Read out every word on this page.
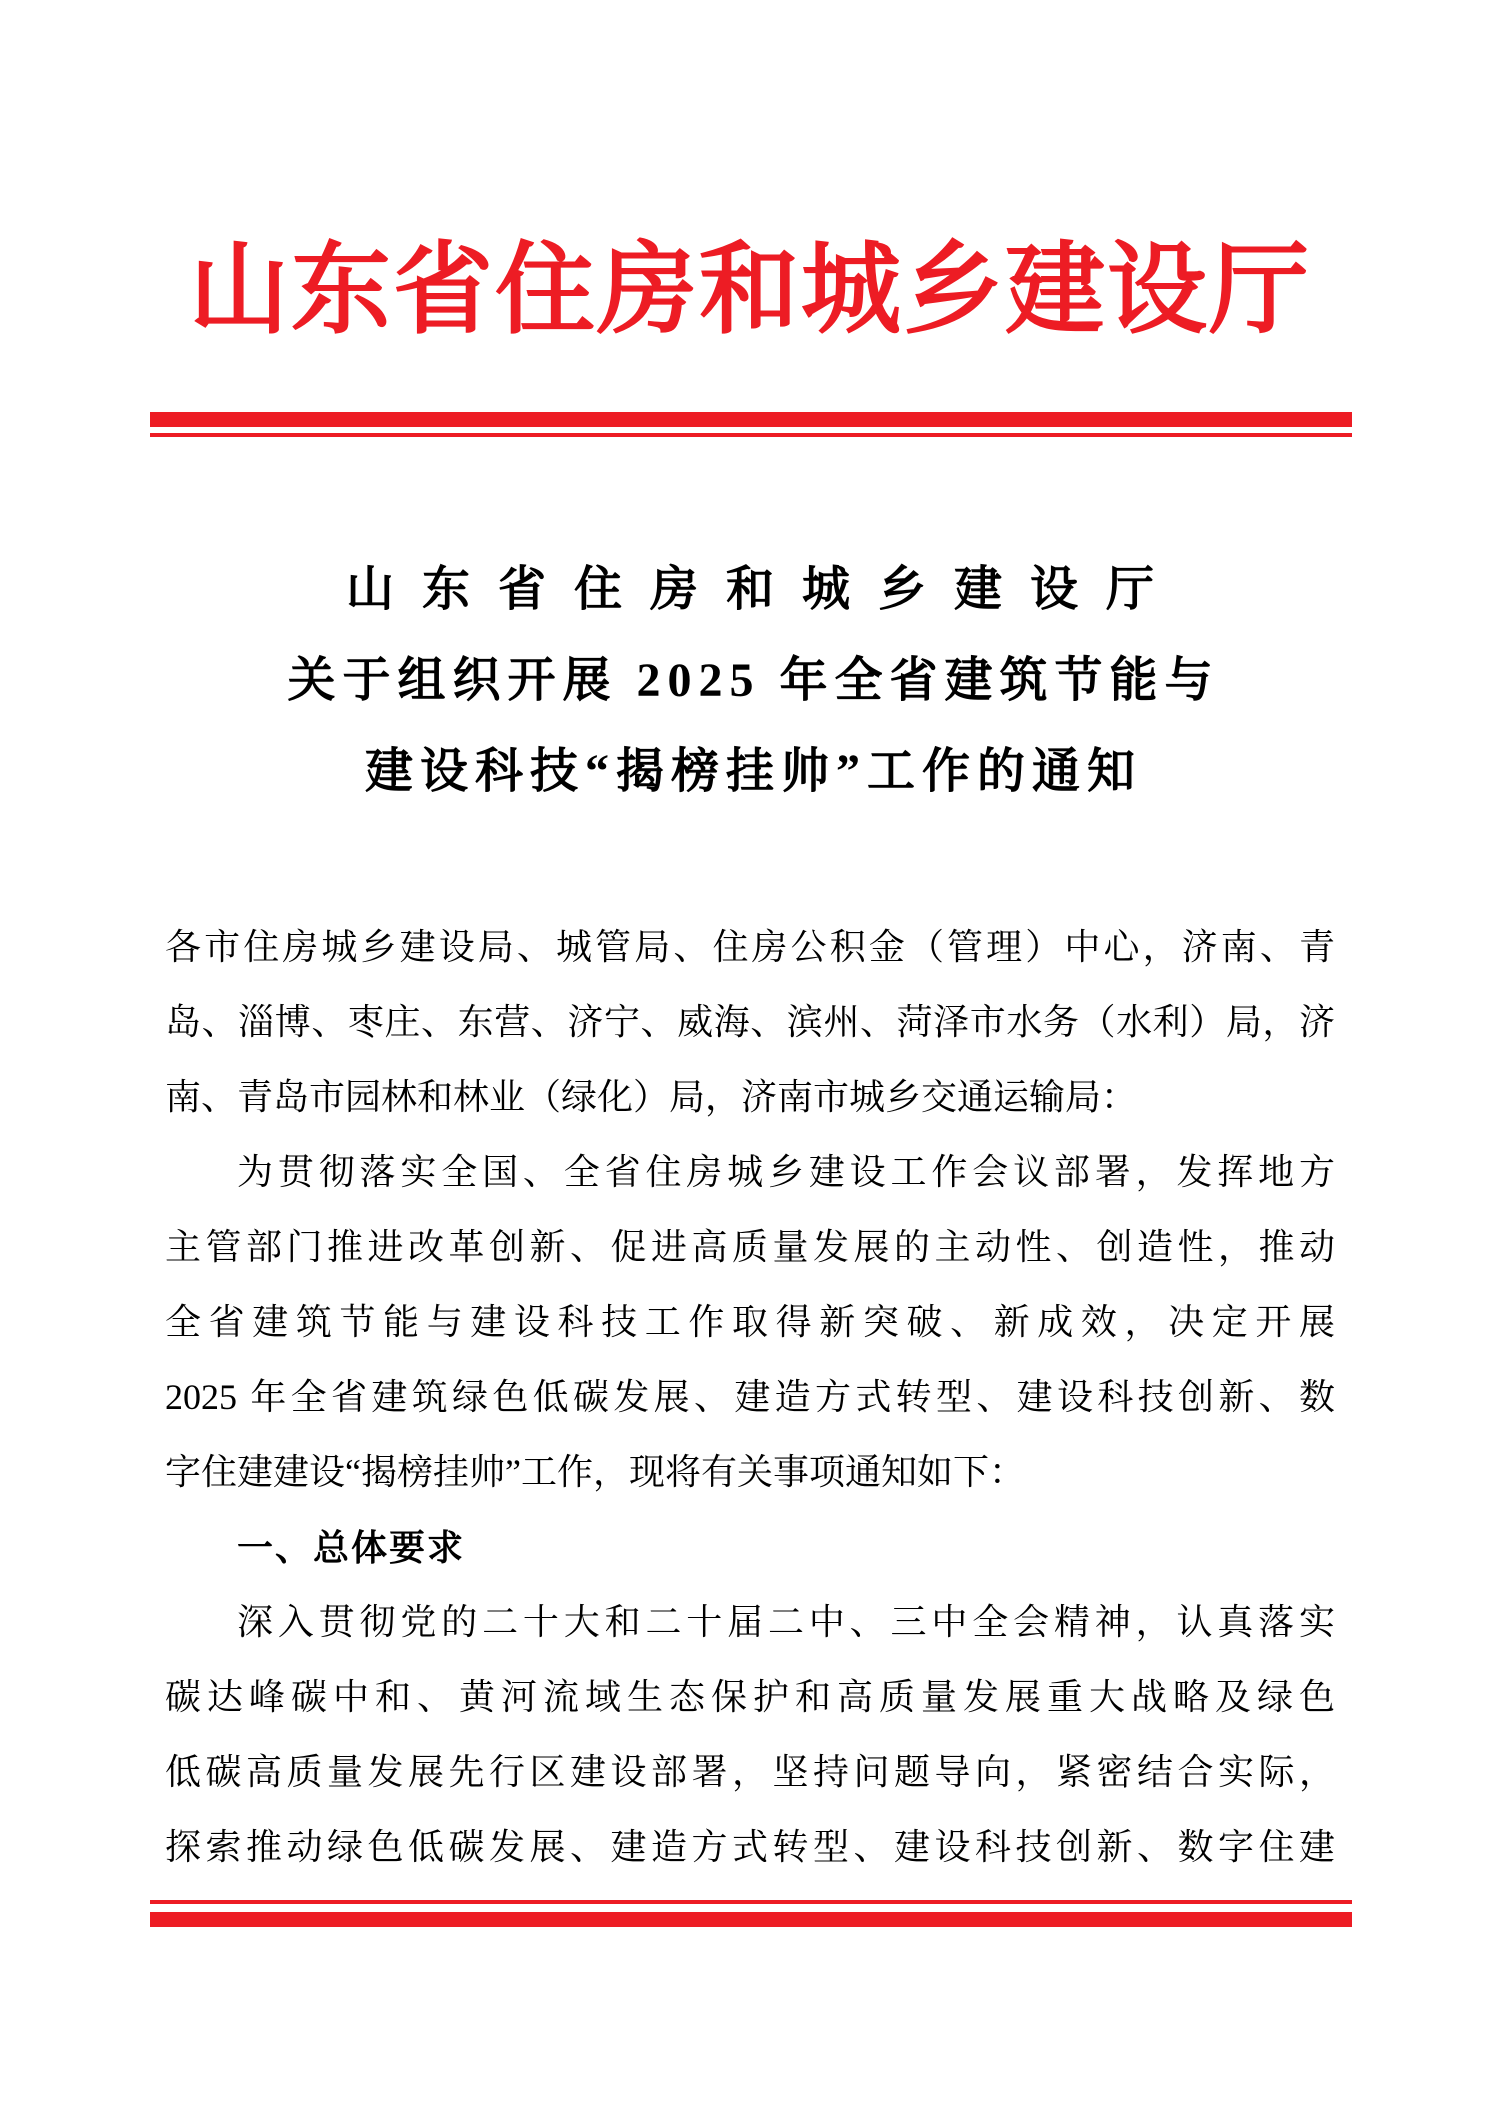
山东省住房和城乡建设厅
山东省住房和城乡建设厅
关于组织开展 2025 年全省建筑节能与
建设科技“揭榜挂帅”工作的通知
各市住房城乡建设局、城管局、住房公积金（管理）中心，济南、青
岛、淄博、枣庄、东营、济宁、威海、滨州、菏泽市水务（水利）局，济
南、青岛市园林和林业（绿化）局，济南市城乡交通运输局：
为贯彻落实全国、全省住房城乡建设工作会议部署，发挥地方
主管部门推进改革创新、促进高质量发展的主动性、创造性，推动
全省建筑节能与建设科技工作取得新突破、新成效，决定开展
2025 年全省建筑绿色低碳发展、建造方式转型、建设科技创新、数
字住建建设“揭榜挂帅”工作，现将有关事项通知如下：
一、总体要求
深入贯彻党的二十大和二十届二中、三中全会精神，认真落实
碳达峰碳中和、黄河流域生态保护和高质量发展重大战略及绿色
低碳高质量发展先行区建设部署，坚持问题导向，紧密结合实际，
探索推动绿色低碳发展、建造方式转型、建设科技创新、数字住建
